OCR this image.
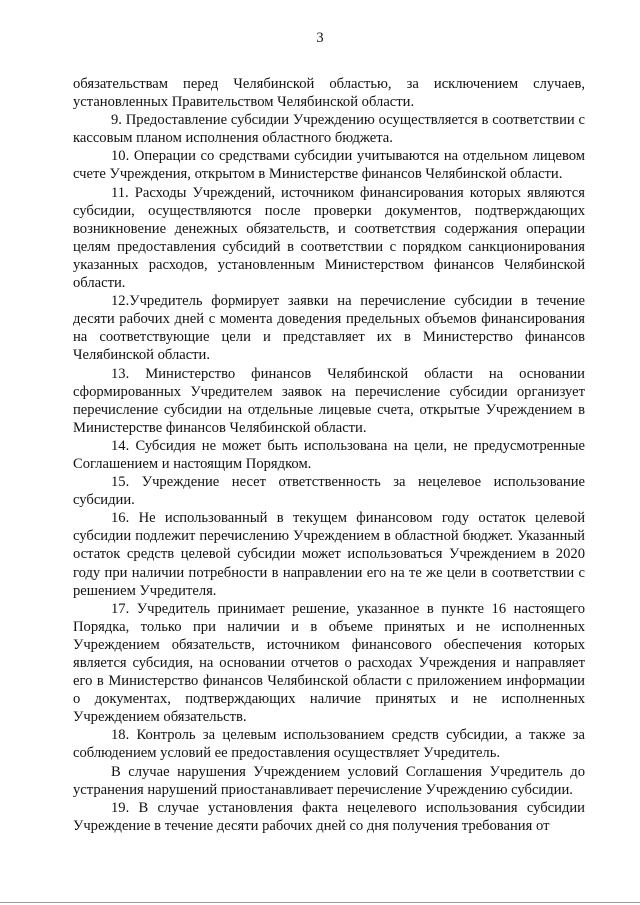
3

обязательствам перед Челябинской областью, за исключением случаев, установленных Правительством Челябинской области.

9. Предоставление субсидии Учреждению осуществляется в соответствии с кассовым планом исполнения областного бюджета.

10. Операции со средствами субсидии учитываются на отдельном лицевом счете Учреждения, открытом в Министерстве финансов Челябинской области.

11. Расходы Учреждений, источником финансирования которых являются субсидии, осуществляются после проверки документов, подтверждающих возникновение денежных обязательств, и соответствия содержания операции целям предоставления субсидий в соответствии с порядком санкционирования указанных расходов, установленным Министерством финансов Челябинской области.

12.Учредитель формирует заявки на перечисление субсидии в течение десяти рабочих дней с момента доведения предельных объемов финансирования на соответствующие цели и представляет их в Министерство финансов Челябинской области.

13. Министерство финансов Челябинской области на основании сформированных Учредителем заявок на перечисление субсидии организует перечисление субсидии на отдельные лицевые счета, открытые Учреждением в Министерстве финансов Челябинской области.

14. Субсидия не может быть использована на цели, не предусмотренные Соглашением и настоящим Порядком.

15. Учреждение несет ответственность за нецелевое использование субсидии.

16. Не использованный в текущем финансовом году остаток целевой субсидии подлежит перечислению Учреждением в областной бюджет. Указанный остаток средств целевой субсидии может использоваться Учреждением в 2020 году при наличии потребности в направлении его на те же цели в соответствии с решением Учредителя.

17. Учредитель принимает решение, указанное в пункте 16 настоящего Порядка, только при наличии и в объеме принятых и не исполненных Учреждением обязательств, источником финансового обеспечения которых является субсидия, на основании отчетов о расходах Учреждения и направляет его в Министерство финансов Челябинской области с приложением информации о документах, подтверждающих наличие принятых и не исполненных Учреждением обязательств.

18. Контроль за целевым использованием средств субсидии, а также за соблюдением условий ее предоставления осуществляет Учредитель.

В случае нарушения Учреждением условий Соглашения Учредитель до устранения нарушений приостанавливает перечисление Учреждению субсидии.

19. В случае установления факта нецелевого использования субсидии Учреждение в течение десяти рабочих дней со дня получения требования от
